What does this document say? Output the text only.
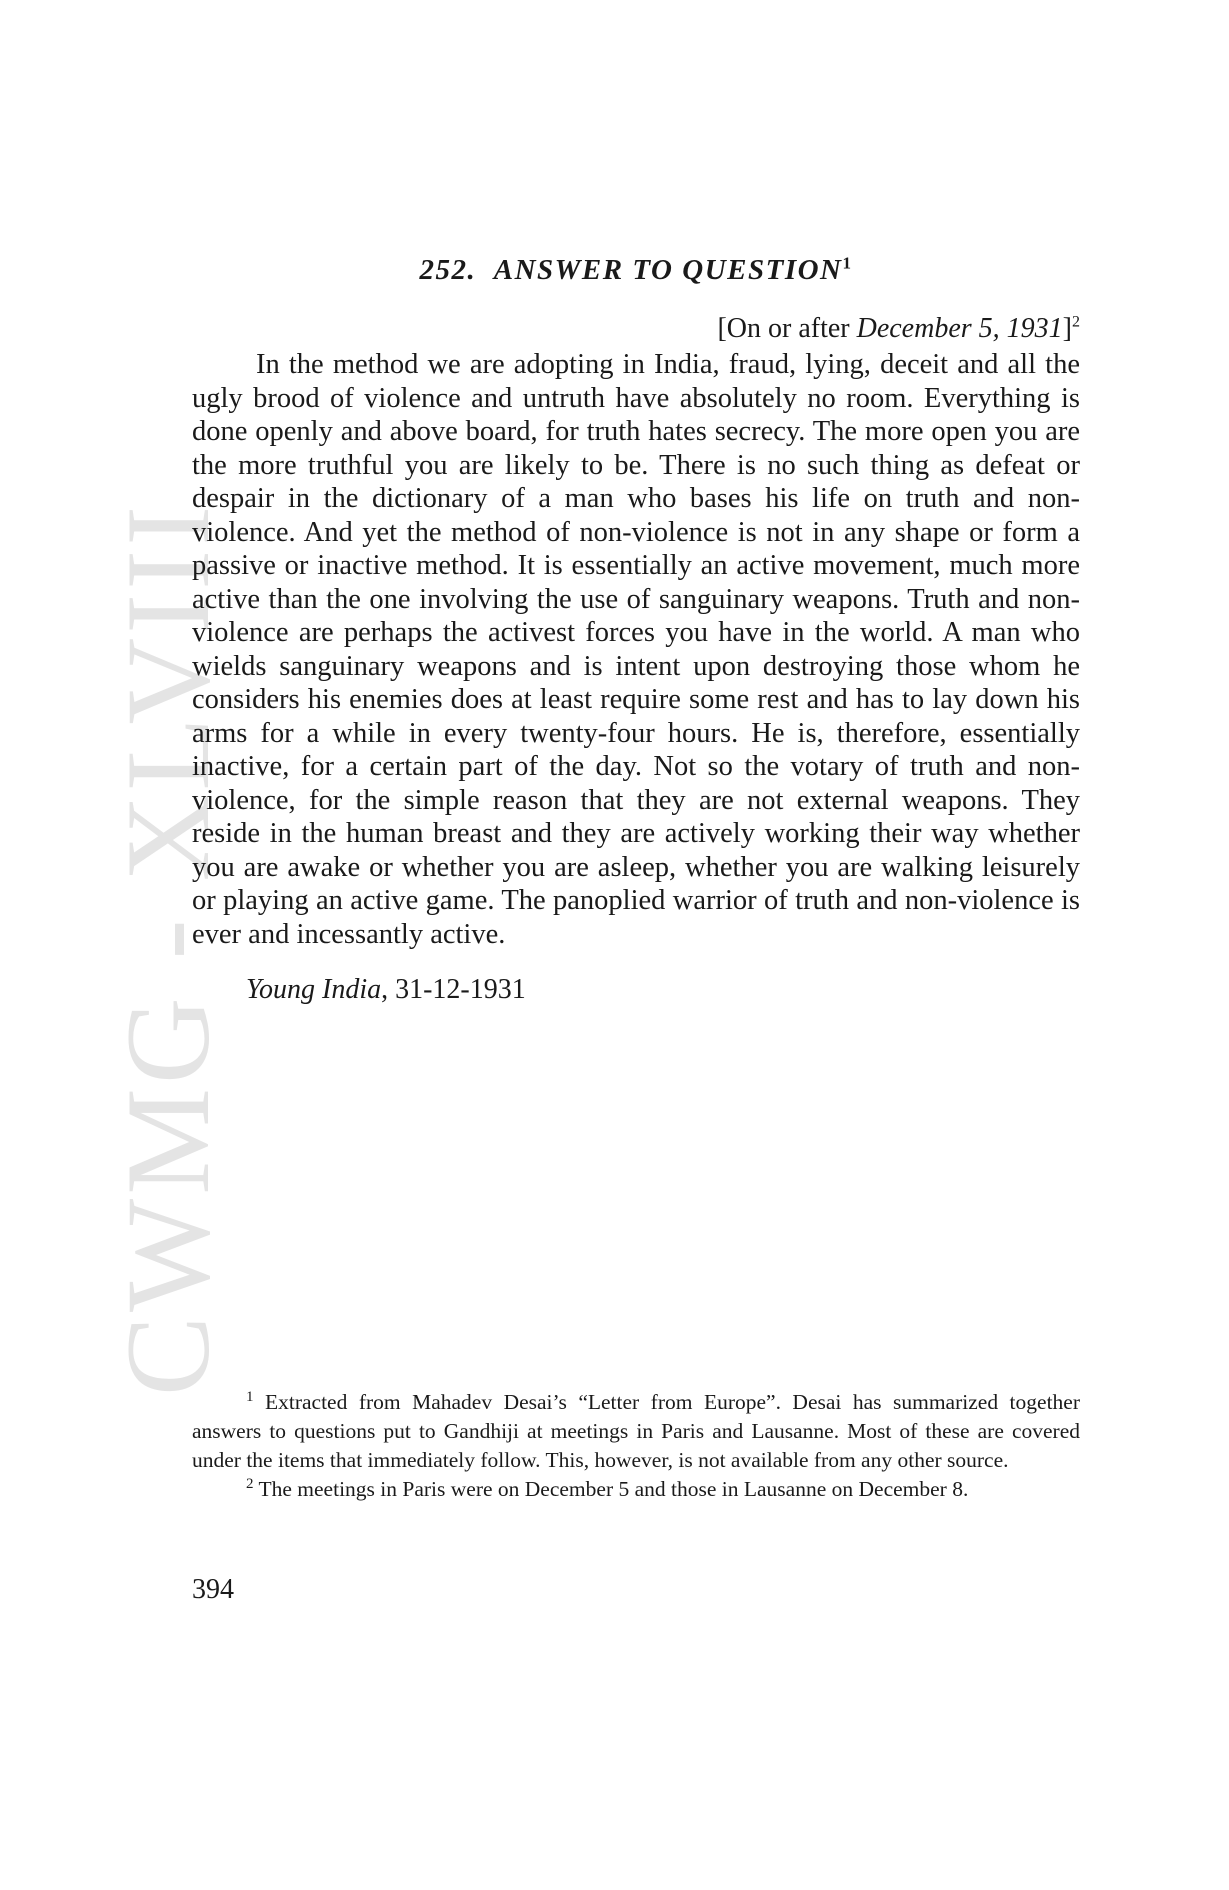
CWMG - XLVIII
252. ANSWER TO QUESTION$^1$
[On or after December 5, 1931]$^2$

In the method we are adopting in India, fraud, lying, deceit and all the ugly brood of violence and untruth have absolutely no room. Everything is done openly and above board, for truth hates secrecy. The more open you are the more truthful you are likely to be. There is no such thing as defeat or despair in the dictionary of a man who bases his life on truth and non-violence. And yet the method of non-violence is not in any shape or form a passive or inactive method. It is essentially an active movement, much more active than the one involving the use of sanguinary weapons. Truth and non-violence are perhaps the activest forces you have in the world. A man who wields sanguinary weapons and is intent upon destroying those whom he considers his enemies does at least require some rest and has to lay down his arms for a while in every twenty-four hours. He is, therefore, essentially inactive, for a certain part of the day. Not so the votary of truth and non-violence, for the simple reason that they are not external weapons. They reside in the human breast and they are actively working their way whether you are awake or whether you are asleep, whether you are walking leisurely or playing an active game. The panoplied warrior of truth and non-violence is ever and incessantly active.

Young India, 31-12-1931

$^1$ Extracted from Mahadev Desai’s “Letter from Europe”. Desai has summarized together answers to questions put to Gandhiji at meetings in Paris and Lausanne. Most of these are covered under the items that immediately follow. This, however, is not available from any other source.

$^2$ The meetings in Paris were on December 5 and those in Lausanne on December 8.

394
